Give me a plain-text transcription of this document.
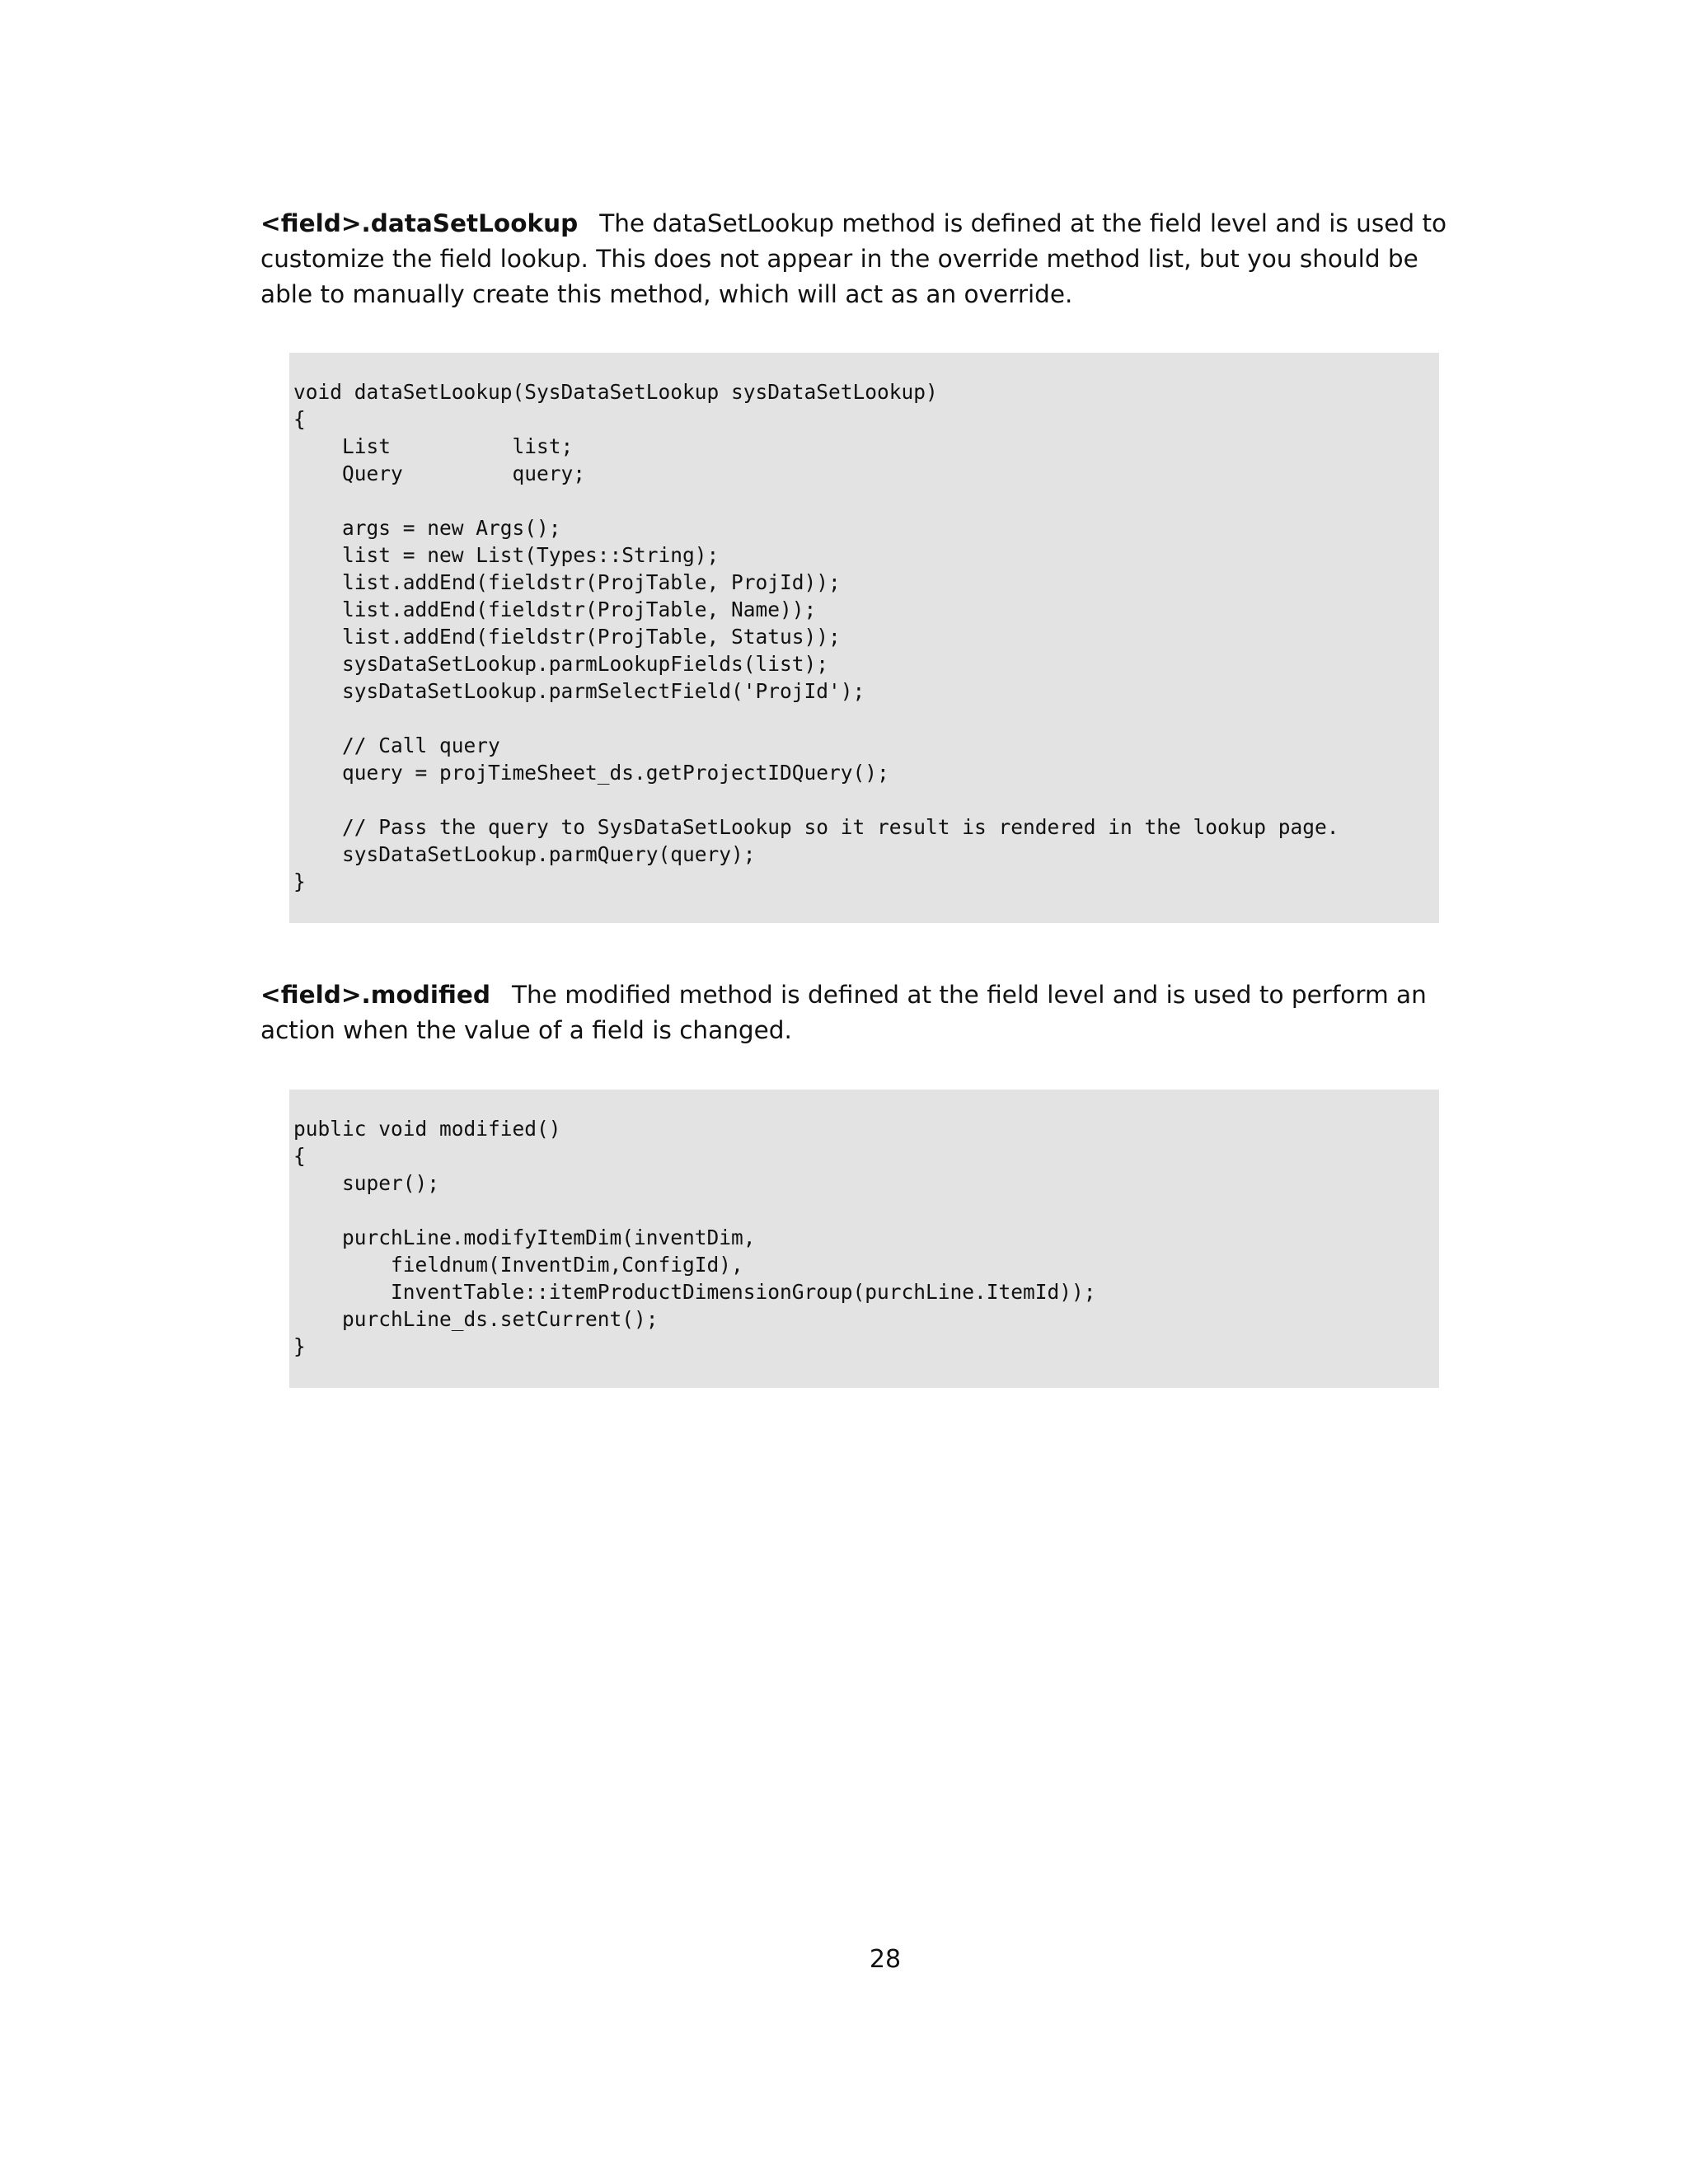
<field>.dataSetLookup The dataSetLookup method is defined at the field level and is used to customize the field lookup. This does not appear in the override method list, but you should be able to manually create this method, which will act as an override.

void dataSetLookup(SysDataSetLookup sysDataSetLookup)
{
List          list;
Query         query;

args = new Args();
list = new List(Types::String);
list.addEnd(fieldstr(ProjTable, ProjId));
list.addEnd(fieldstr(ProjTable, Name));
list.addEnd(fieldstr(ProjTable, Status));
sysDataSetLookup.parmLookupFields(list);
sysDataSetLookup.parmSelectField('ProjId');

// Call query
query = projTimeSheet_ds.getProjectIDQuery();

// Pass the query to SysDataSetLookup so it result is rendered in the lookup page.
sysDataSetLookup.parmQuery(query);
}

<field>.modified The modified method is defined at the field level and is used to perform an action when the value of a field is changed.

public void modified()
{
super();

purchLine.modifyItemDim(inventDim,
fieldnum(InventDim,ConfigId),
InventTable::itemProductDimensionGroup(purchLine.ItemId));
purchLine_ds.setCurrent();
}
28
